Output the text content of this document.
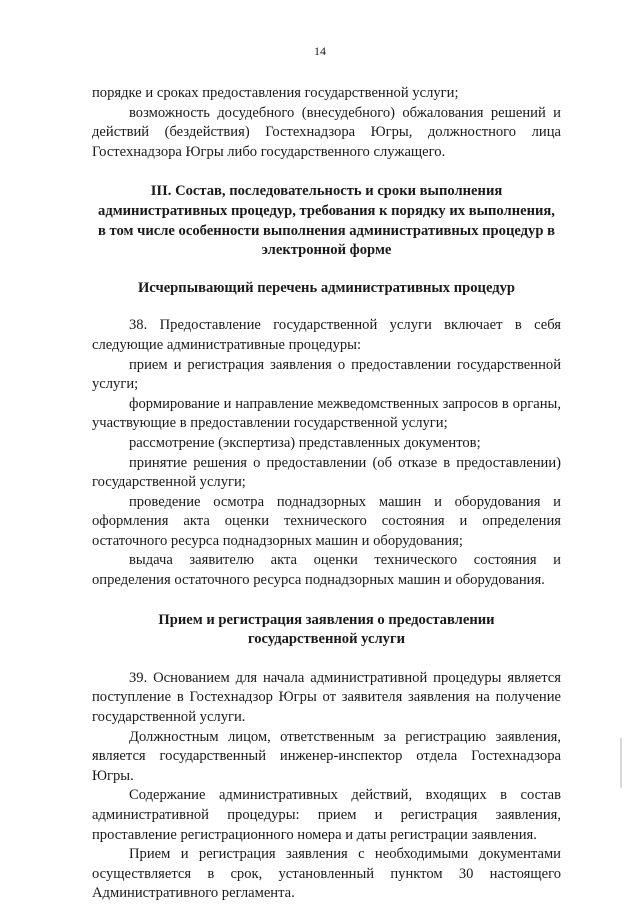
14

порядке и сроках предоставления государственной услуги;

возможность досудебного (внесудебного) обжалования решений и действий (бездействия) Гостехнадзора Югры, должностного лица Гостехнадзора Югры либо государственного служащего.

III. Состав, последовательность и сроки выполнения административных процедур, требования к порядку их выполнения, в том числе особенности выполнения административных процедур в электронной форме
Исчерпывающий перечень административных процедур

38. Предоставление государственной услуги включает в себя следующие административные процедуры:

прием и регистрация заявления о предоставлении государственной услуги;

формирование и направление межведомственных запросов в органы, участвующие в предоставлении государственной услуги;

рассмотрение (экспертиза) представленных документов;

принятие решения о предоставлении (об отказе в предоставлении) государственной услуги;

проведение осмотра поднадзорных машин и оборудования и оформления акта оценки технического состояния и определения остаточного ресурса поднадзорных машин и оборудования;

выдача заявителю акта оценки технического состояния и определения остаточного ресурса поднадзорных машин и оборудования.

Прием и регистрация заявления о предоставлении государственной услуги

39. Основанием для начала административной процедуры является поступление в Гостехнадзор Югры от заявителя заявления на получение государственной услуги.

Должностным лицом, ответственным за регистрацию заявления, является государственный инженер-инспектор отдела Гостехнадзора Югры.

Содержание административных действий, входящих в состав административной процедуры: прием и регистрация заявления, проставление регистрационного номера и даты регистрации заявления.

Прием и регистрация заявления с необходимыми документами осуществляется в срок, установленный пунктом 30 настоящего Административного регламента.
